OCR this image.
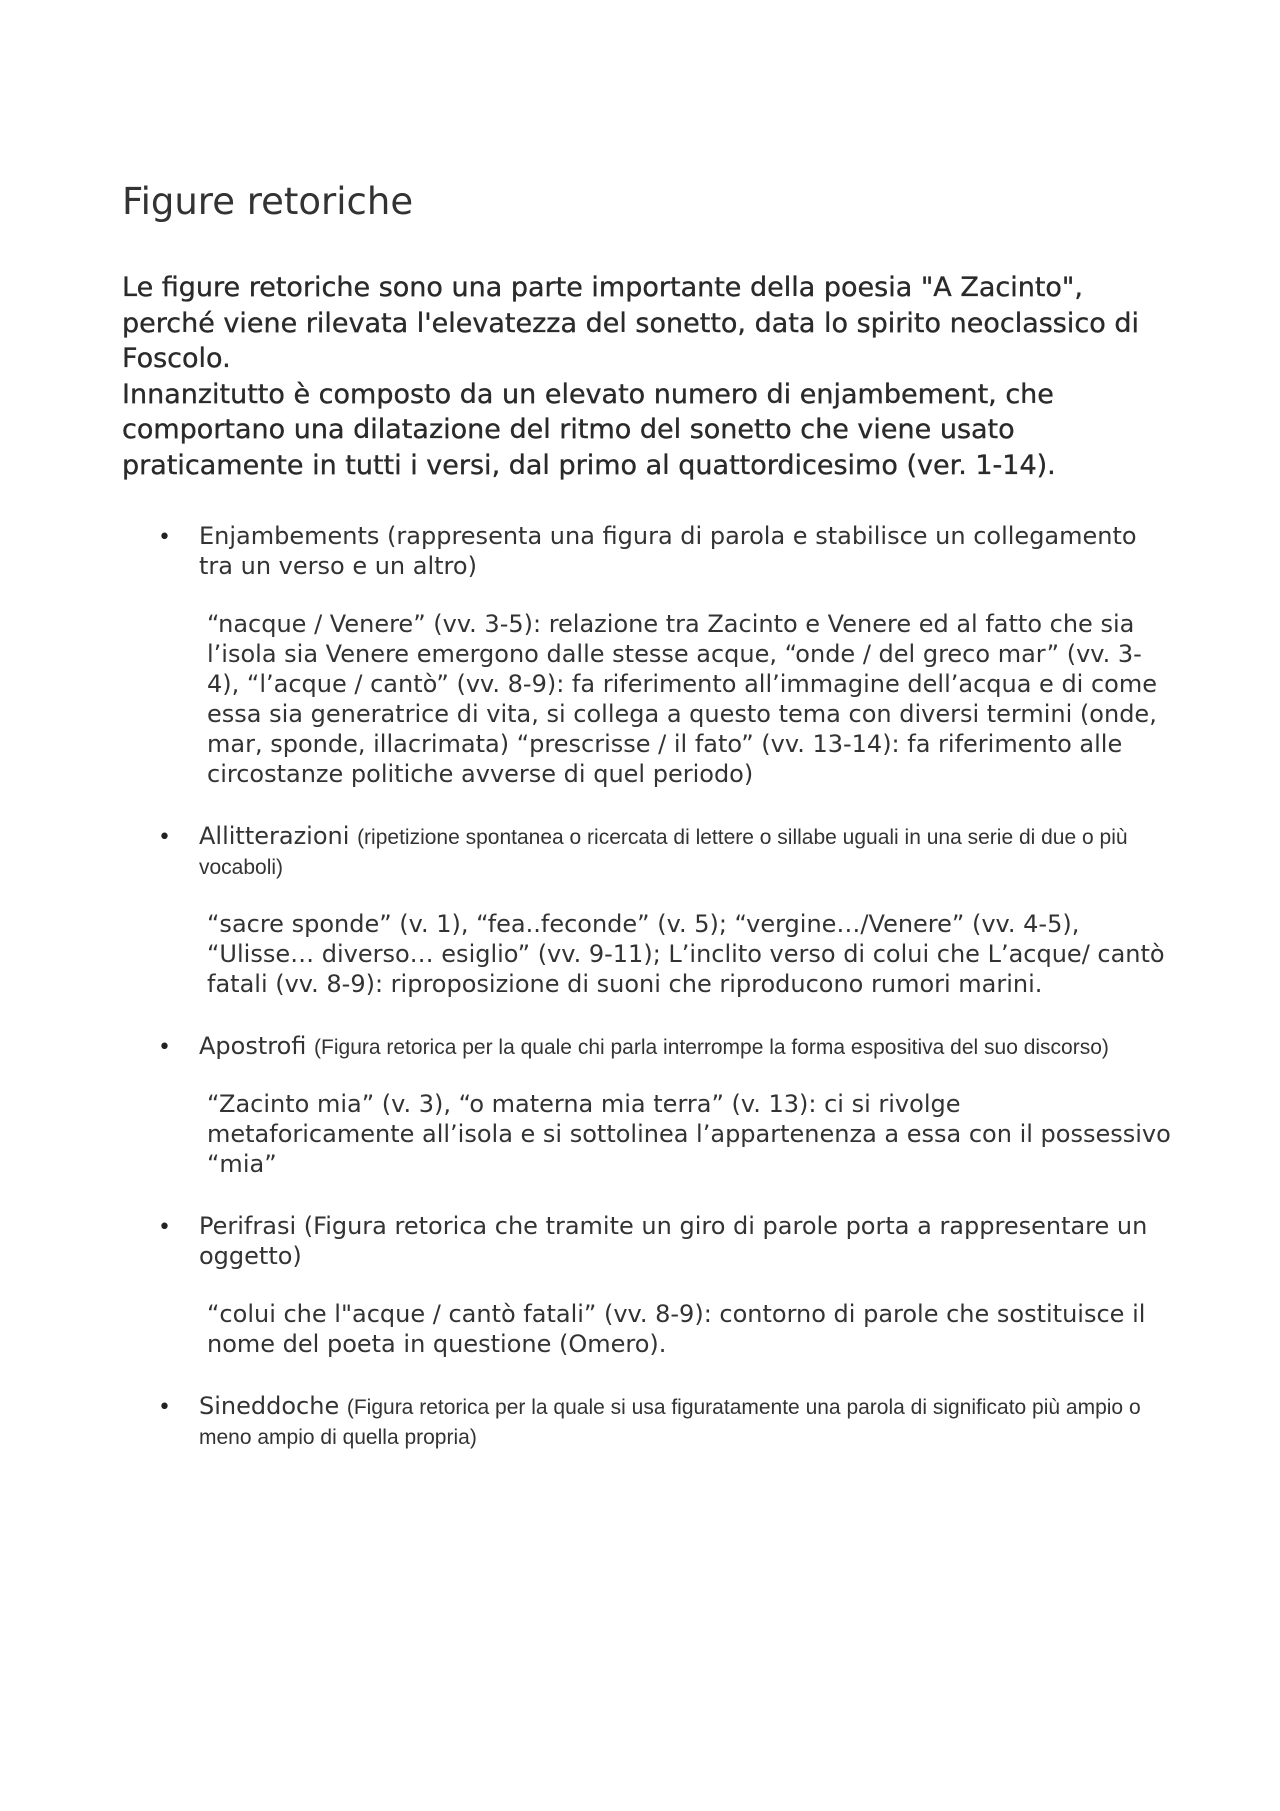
Figure retoriche

Le figure retoriche sono una parte importante della poesia "A Zacinto", perché viene rilevata l'elevatezza del sonetto, data lo spirito neoclassico di Foscolo.

Innanzitutto è composto da un elevato numero di enjambement, che comportano una dilatazione del ritmo del sonetto che viene usato praticamente in tutti i versi, dal primo al quattordicesimo (ver. 1-14).

• Enjambements (rappresenta una figura di parola e stabilisce un collegamento tra un verso e un altro)
“nacque / Venere” (vv. 3-5): relazione tra Zacinto e Venere ed al fatto che sia l’isola sia Venere emergono dalle stesse acque, “onde / del greco mar” (vv. 3-4), “l’acque / cantò” (vv. 8-9): fa riferimento all’immagine dell’acqua e di come essa sia generatrice di vita, si collega a questo tema con diversi termini (onde, mar, sponde, illacrimata) “prescrisse / il fato” (vv. 13-14): fa riferimento alle circostanze politiche avverse di quel periodo)
• Allitterazioni (ripetizione spontanea o ricercata di lettere o sillabe uguali in una serie di due o più vocaboli)
“sacre sponde” (v. 1), “fea..feconde” (v. 5); “vergine…/Venere” (vv. 4-5), “Ulisse… diverso… esiglio” (vv. 9-11); L’inclito verso di colui che L’acque/ cantò fatali (vv. 8-9): riproposizione di suoni che riproducono rumori marini.
• Apostrofi (Figura retorica per la quale chi parla interrompe la forma espositiva del suo discorso)
“Zacinto mia” (v. 3), “o materna mia terra” (v. 13): ci si rivolge metaforicamente all’isola e si sottolinea l’appartenenza a essa con il possessivo “mia”
• Perifrasi (Figura retorica che tramite un giro di parole porta a rappresentare un oggetto)
“colui che l"acque / cantò fatali” (vv. 8-9): contorno di parole che sostituisce il nome del poeta in questione (Omero).
• Sineddoche (Figura retorica per la quale si usa figuratamente una parola di significato più ampio o meno ampio di quella propria)
